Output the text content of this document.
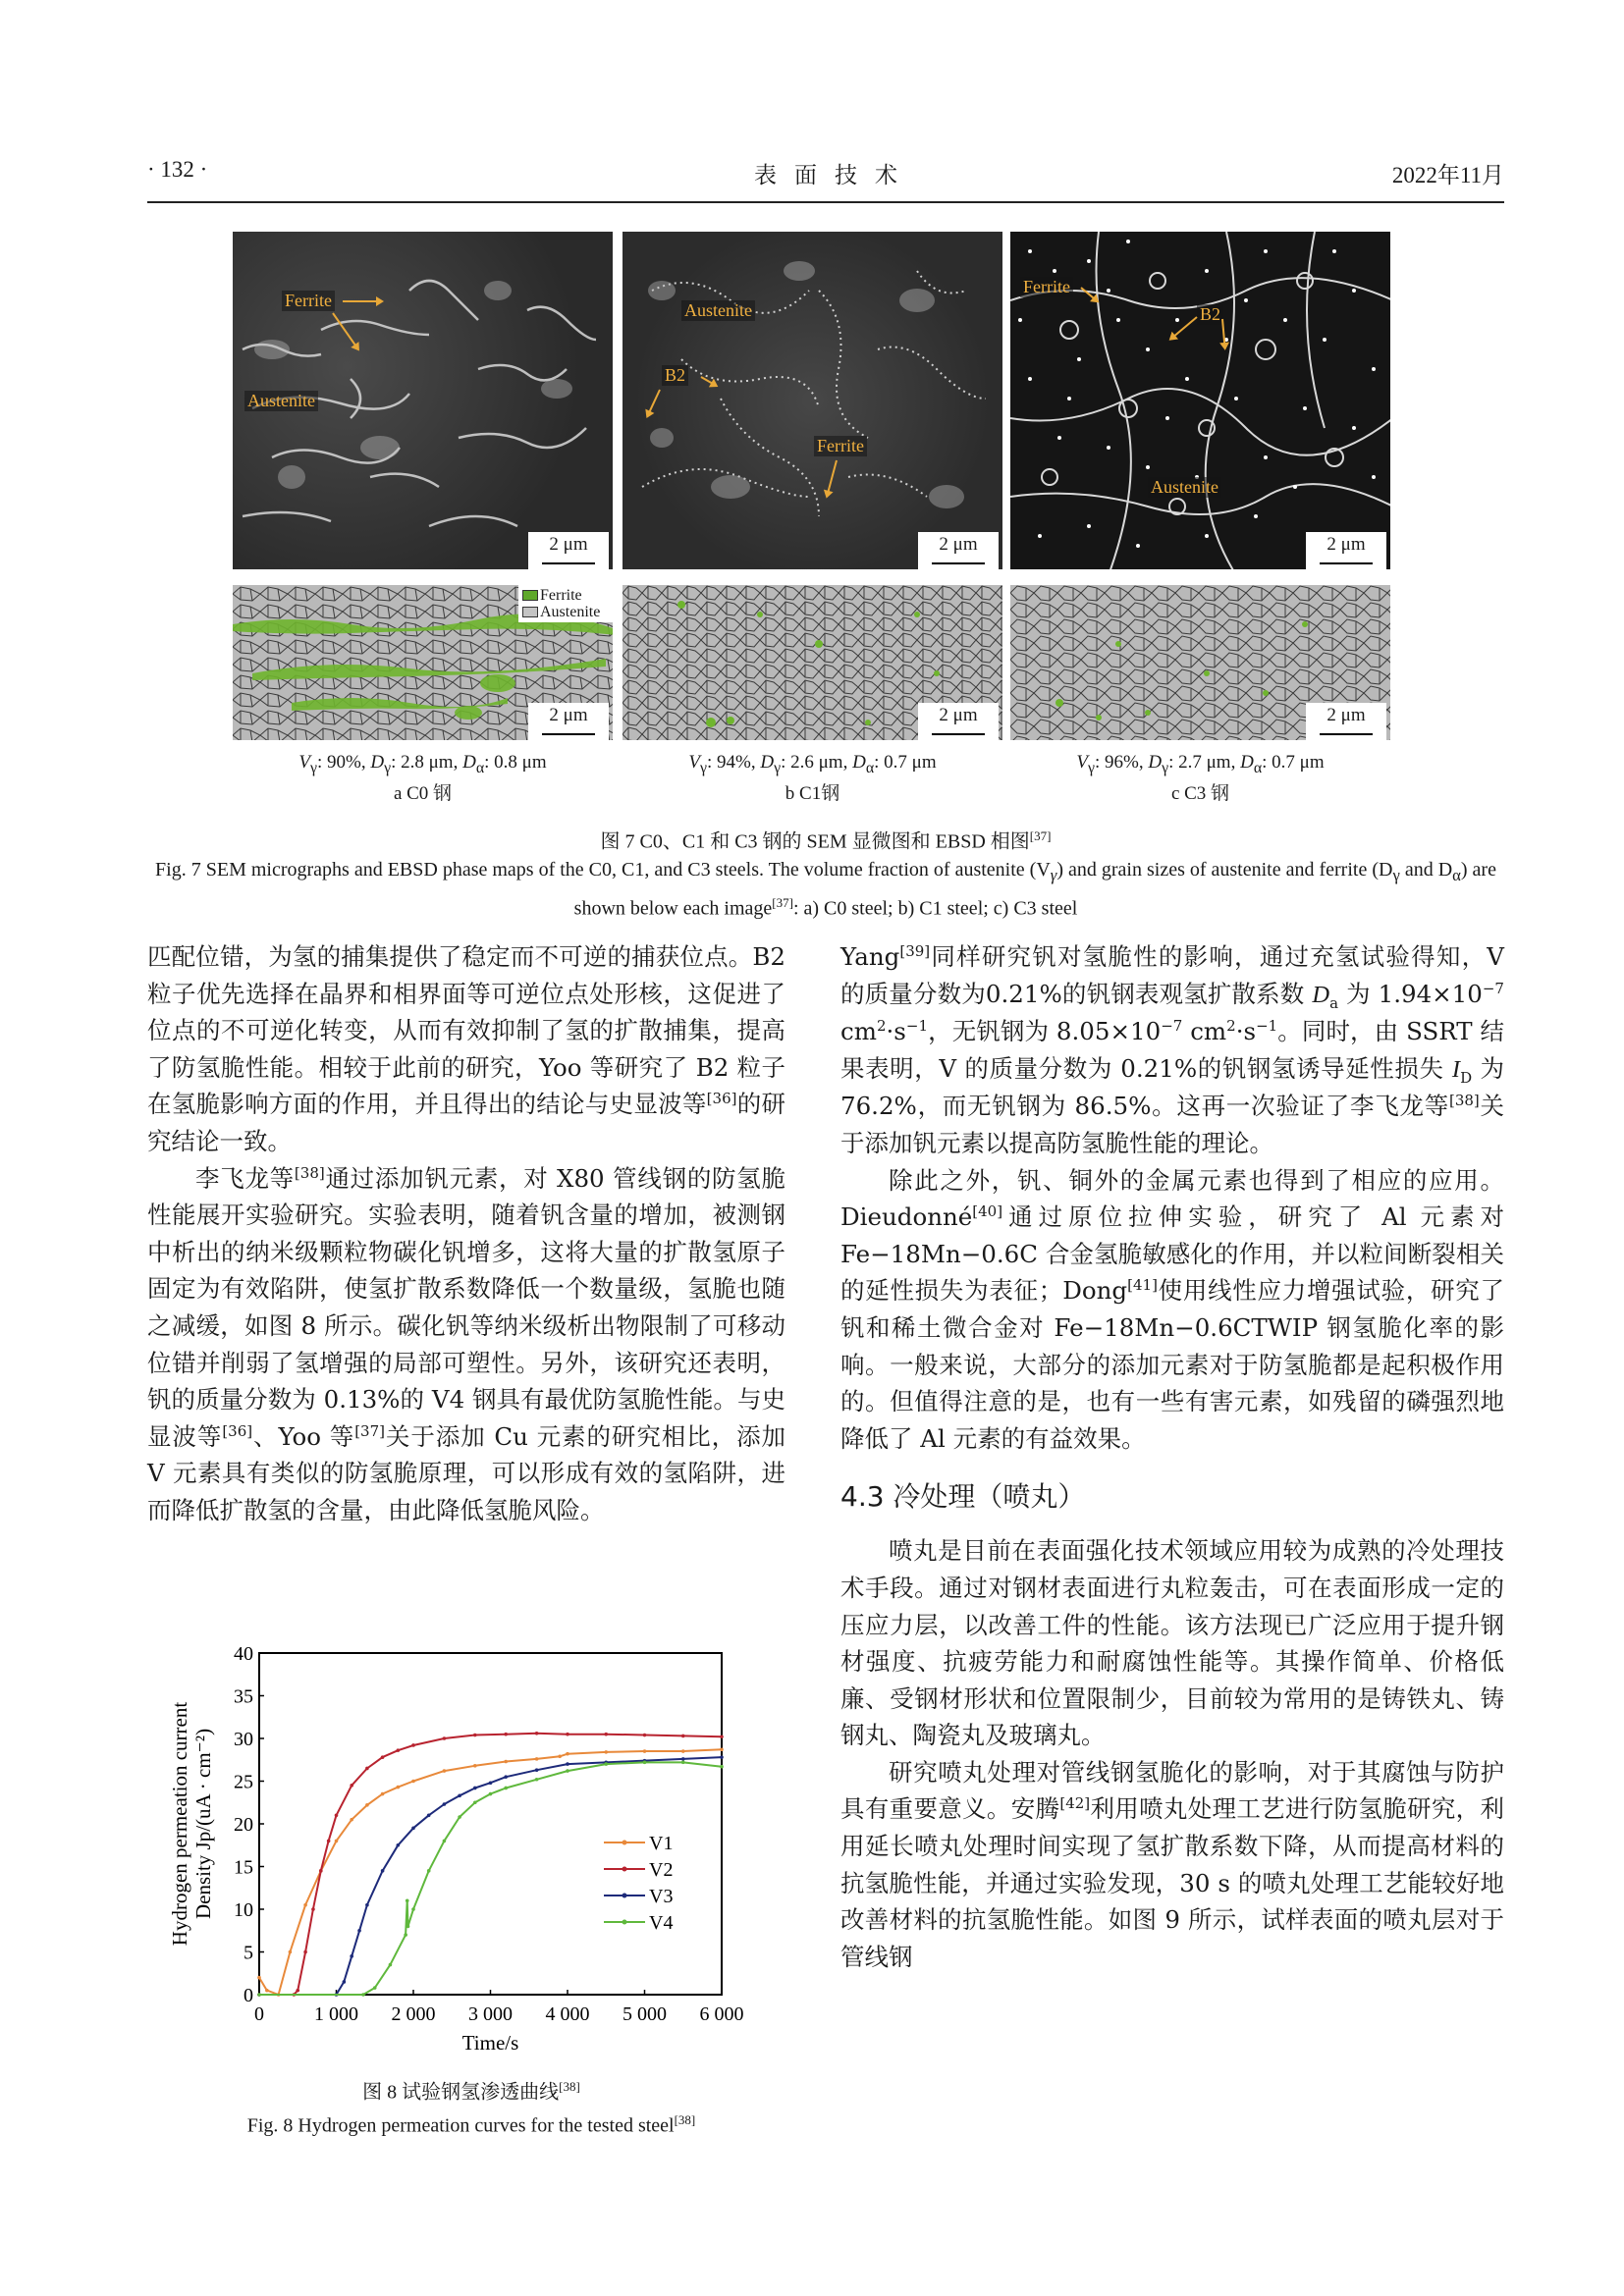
· 132 ·	表面技术	2022年11月
Ferrite
Austenite
2 μm
Austenite
B2
Ferrite
2 μm
Ferrite
B2
Austenite
2 μm
Ferrite
Austenite
2 μm	2 μm	2 μm
$V_\gamma$: 90%, $D_\gamma$: 2.8 μm, $D_\alpha$: 0.8 μm
a C0 钢
$V_\gamma$: 94%, $D_\gamma$: 2.6 μm, $D_\alpha$: 0.7 μm
b C1钢
$V_\gamma$: 96%, $D_\gamma$: 2.7 μm, $D_\alpha$: 0.7 μm
c C3 钢
图 7 C0、C1 和 C3 钢的 SEM 显微图和 EBSD 相图[37]
Fig. 7 SEM micrographs and EBSD phase maps of the C0, C1, and C3 steels. The volume fraction of austenite $(V_\gamma)$ and grain sizes of austenite and ferrite ($D_\gamma$ and $D_\alpha$) are shown below each image[37]: a) C0 steel; b) C1 steel; c) C3 steel

匹配位错，为氢的捕集提供了稳定而不可逆的捕获位点。B2 粒子优先选择在晶界和相界面等可逆位点处形核，这促进了位点的不可逆化转变，从而有效抑制了氢的扩散捕集，提高了防氢脆性能。相较于此前的研究，Yoo 等研究了 B2 粒子在氢脆影响方面的作用，并且得出的结论与史显波等[36]的研究结论一致。

李飞龙等[38]通过添加钒元素，对 X80 管线钢的防氢脆性能展开实验研究。实验表明，随着钒含量的增加，被测钢中析出的纳米级颗粒物碳化钒增多，这将大量的扩散氢原子固定为有效陷阱，使氢扩散系数降低一个数量级，氢脆也随之减缓，如图 8 所示。碳化钒等纳米级析出物限制了可移动位错并削弱了氢增强的局部可塑性。另外，该研究还表明，钒的质量分数为 0.13%的 V4 钢具有最优防氢脆性能。与史显波等[36]、Yoo 等[37]关于添加 Cu 元素的研究相比，添加 V 元素具有类似的防氢脆原理，可以形成有效的氢陷阱，进而降低扩散氢的含量，由此降低氢脆风险。

0
5
10
15
20
25
30
35
40
0	1 000 2 000 3 000 4 000 5 000 6 000
Time/s
Hydrogen permeation current Density Jp/(uA · cm⁻²)	V1
V2
V3
V4
图 8 试验钢氢渗透曲线[38]
Fig. 8 Hydrogen permeation curves for the tested steel[38]

Yang[39]同样研究钒对氢脆性的影响，通过充氢试验得知，V 的质量分数为0.21%的钒钢表观氢扩散系数 $D_a$ 为 $1.94\times 10^{-7}$ $cm^2\cdot s^{-1}$，无钒钢为 $8.05\times 10^{-7}$ $cm^2\cdot s^{-1}$。同时，由 SSRT 结果表明，V 的质量分数为 0.21%的钒钢氢诱导延性损失 $I_D$ 为 76.2%，而无钒钢为 86.5%。这再一次验证了李飞龙等[38]关于添加钒元素以提高防氢脆性能的理论。

除此之外，钒、铜外的金属元素也得到了相应的应用。Dieudonné[40]通过原位拉伸实验，研究了 Al 元素对 Fe−18Mn−0.6C 合金氢脆敏感化的作用，并以粒间断裂相关的延性损失为表征；Dong[41]使用线性应力增强试验，研究了钒和稀土微合金对 Fe−18Mn−0.6CTWIP 钢氢脆化率的影响。一般来说，大部分的添加元素对于防氢脆都是起积极作用的。但值得注意的是，也有一些有害元素，如残留的磷强烈地降低了 Al 元素的有益效果。

4.3 冷处理（喷丸）

喷丸是目前在表面强化技术领域应用较为成熟的冷处理技术手段。通过对钢材表面进行丸粒轰击，可在表面形成一定的压应力层，以改善工件的性能。该方法现已广泛应用于提升钢材强度、抗疲劳能力和耐腐蚀性能等。其操作简单、价格低廉、受钢材形状和位置限制少，目前较为常用的是铸铁丸、铸钢丸、陶瓷丸及玻璃丸。

研究喷丸处理对管线钢氢脆化的影响，对于其腐蚀与防护具有重要意义。安腾[42]利用喷丸处理工艺进行防氢脆研究，利用延长喷丸处理时间实现了氢扩散系数下降，从而提高材料的抗氢脆性能，并通过实验发现，30 s 的喷丸处理工艺能较好地改善材料的抗氢脆性能。如图 9 所示，试样表面的喷丸层对于管线钢
